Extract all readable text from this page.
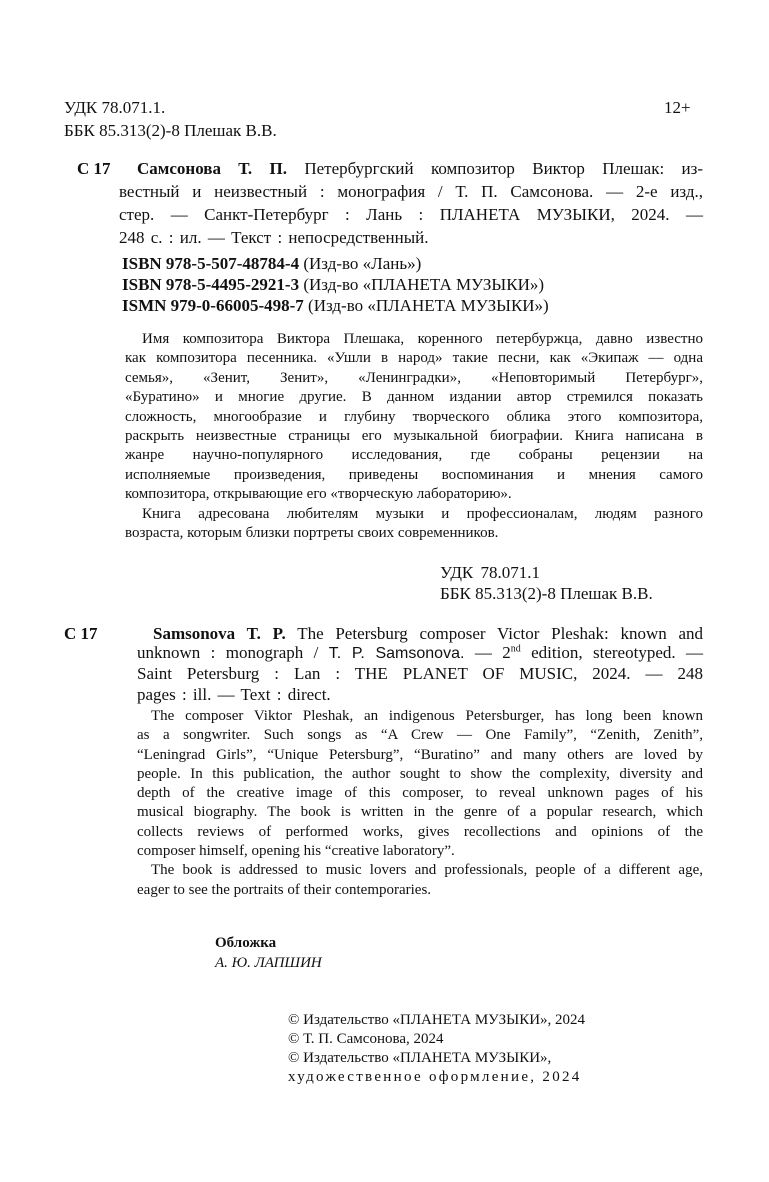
УДК 78.071.1.
ББК 85.313(2)-8 Плешак В.В.
12+
С 17 Самсонова Т. П. Петербургский композитор Виктор Плешак: из-
вестный и неизвестный : монография / Т. П. Самсонова. — 2-е изд.,
стер. — Санкт-Петербург : Лань : ПЛАНЕТА МУЗЫКИ, 2024. —
248 с. : ил. — Текст : непосредственный.
ISBN 978-5-507-48784-4 (Изд-во «Лань»)
ISBN 978-5-4495-2921-3 (Изд-во «ПЛАНЕТА МУЗЫКИ»)
ISMN 979-0-66005-498-7 (Изд-во «ПЛАНЕТА МУЗЫКИ»)
Имя композитора Виктора Плешака, коренного петербуржца, давно известно
как композитора песенника. «Ушли в народ» такие песни, как «Экипаж — одна
семья», «Зенит, Зенит», «Ленинградки», «Неповторимый Петербург»,
«Буратино» и многие другие. В данном издании автор стремился показать
сложность, многообразие и глубину творческого облика этого композитора,
раскрыть неизвестные страницы его музыкальной биографии. Книга написана в
жанре научно-популярного исследования, где собраны рецензии на
исполняемые произведения, приведены воспоминания и мнения самого
композитора, открывающие его «творческую лабораторию».
Книга адресована любителям музыки и профессионалам, людям разного
возраста, которым близки портреты своих современников.
УДК 78.071.1
ББК 85.313(2)-8 Плешак В.В.
С 17	Samsonova T. P. The Petersburg composer Victor Pleshak: known and
unknown : monograph / T. P. Samsonova. — 2nd edition, stereotyped. —
Saint Petersburg : Lan : THE PLANET OF MUSIC, 2024. — 248
pages : ill. — Text : direct.
The composer Viktor Pleshak, an indigenous Petersburger, has long been known
as a songwriter. Such songs as “A Crew — One Family”, “Zenith, Zenith”,
“Leningrad Girls”, “Unique Petersburg”, “Buratino” and many others are loved by
people. In this publication, the author sought to show the complexity, diversity and
depth of the creative image of this composer, to reveal unknown pages of his
musical biography. The book is written in the genre of a popular research, which
collects reviews of performed works, gives recollections and opinions of the
composer himself, opening his “creative laboratory”.
The book is addressed to music lovers and professionals, people of a different age,
eager to see the portraits of their contemporaries.
Обложка
А. Ю. ЛАПШИН
© Издательство «ПЛАНЕТА МУЗЫКИ», 2024
© Т. П. Самсонова, 2024
© Издательство «ПЛАНЕТА МУЗЫКИ»,
художественное оформление, 2024
